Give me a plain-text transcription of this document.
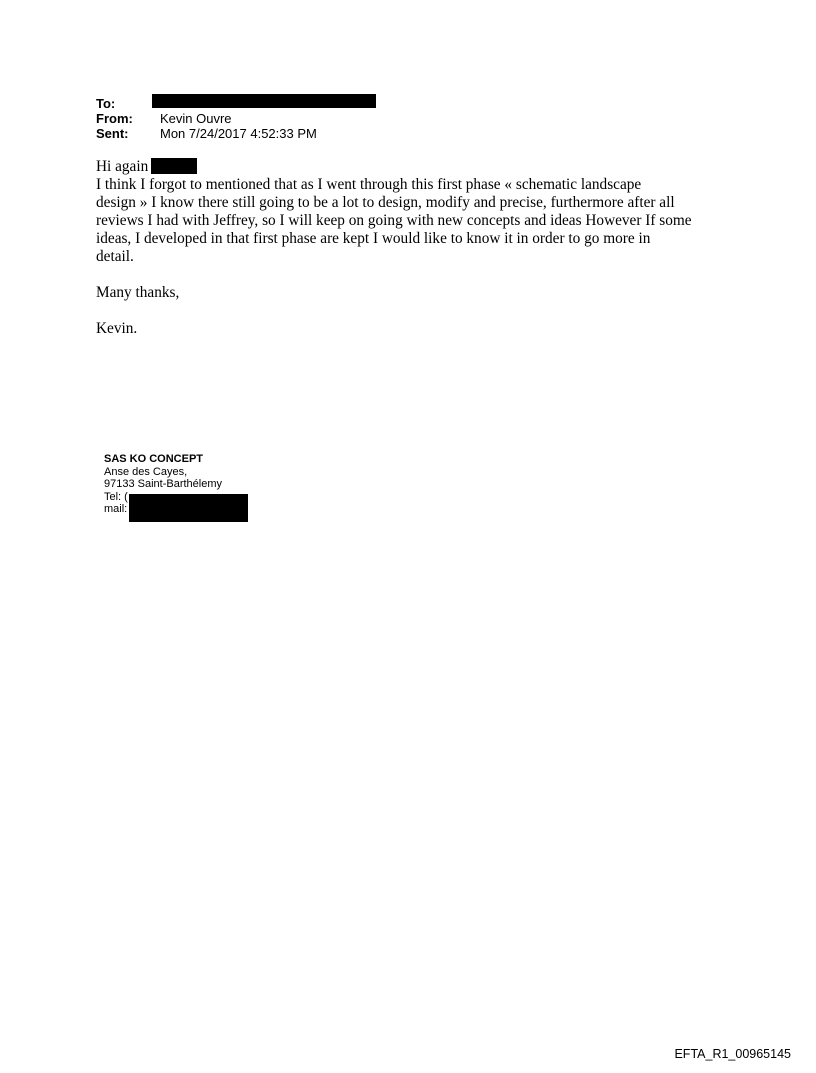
To:
From:	Kevin Ouvre
Sent:	Mon 7/24/2017 4:52:33 PM
Hi again
I think I forgot to mentioned that as I went through this first phase « schematic landscape
design » I know there still going to be a lot to design, modify and precise, furthermore after all
reviews I had with Jeffrey, so I will keep on going with new concepts and ideas However If some
ideas, I developed in that first phase are kept I would like to know it in order to go more in
detail.
Many thanks,
Kevin.
SAS KO CONCEPT
Anse des Cayes,
97133 Saint-Barthélemy
Tel: (
mail:
EFTA_R1_00965145
